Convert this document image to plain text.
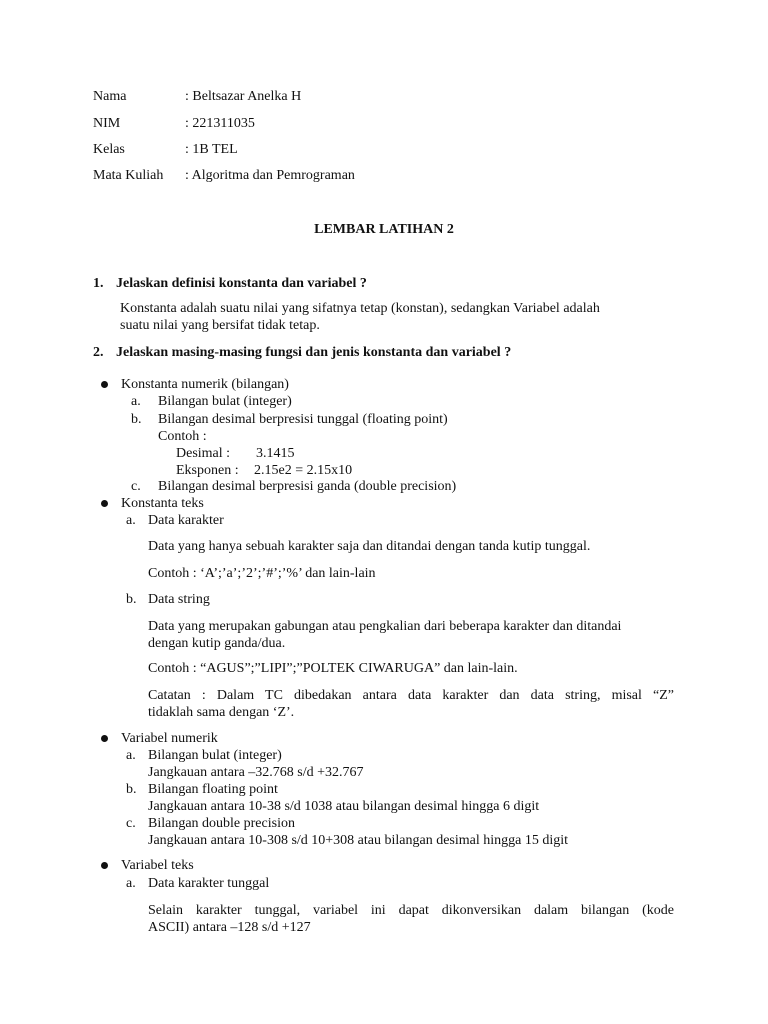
Nama	: Beltsazar Anelka H
NIM	: 221311035
Kelas	: 1B TEL
Mata Kuliah : Algoritma dan Pemrograman
LEMBAR LATIHAN 2
1. Jelaskan definisi konstanta dan variabel ?
Konstanta adalah suatu nilai yang sifatnya tetap (konstan), sedangkan Variabel adalah
suatu nilai yang bersifat tidak tetap.
2. Jelaskan masing-masing fungsi dan jenis konstanta dan variabel ?
Konstanta numerik (bilangan)
a. Bilangan bulat (integer)
b. Bilangan desimal berpresisi tunggal (floating point)
Contoh :
Desimal : 3.1415
Eksponen : 2.15e2 = 2.15x10
c. Bilangan desimal berpresisi ganda (double precision)
Konstanta teks
a. Data karakter
Data yang hanya sebuah karakter saja dan ditandai dengan tanda kutip tunggal.
Contoh : ‘A’;’a’;’2’;’#’;’%’ dan lain-lain
b. Data string
Data yang merupakan gabungan atau pengkalian dari beberapa karakter dan ditandai
dengan kutip ganda/dua.
Contoh : “AGUS”;”LIPI”;”POLTEK CIWARUGA” dan lain-lain.
Catatan : Dalam TC dibedakan antara data karakter dan data string, misal “Z”
tidaklah sama dengan ‘Z’.
Variabel numerik
a. Bilangan bulat (integer)
Jangkauan antara –32.768 s/d +32.767
b. Bilangan floating point
Jangkauan antara 10-38 s/d 1038 atau bilangan desimal hingga 6 digit
c. Bilangan double precision
Jangkauan antara 10-308 s/d 10+308 atau bilangan desimal hingga 15 digit
Variabel teks
a. Data karakter tunggal
Selain karakter tunggal, variabel ini dapat dikonversikan dalam bilangan (kode
ASCII) antara –128 s/d +127
